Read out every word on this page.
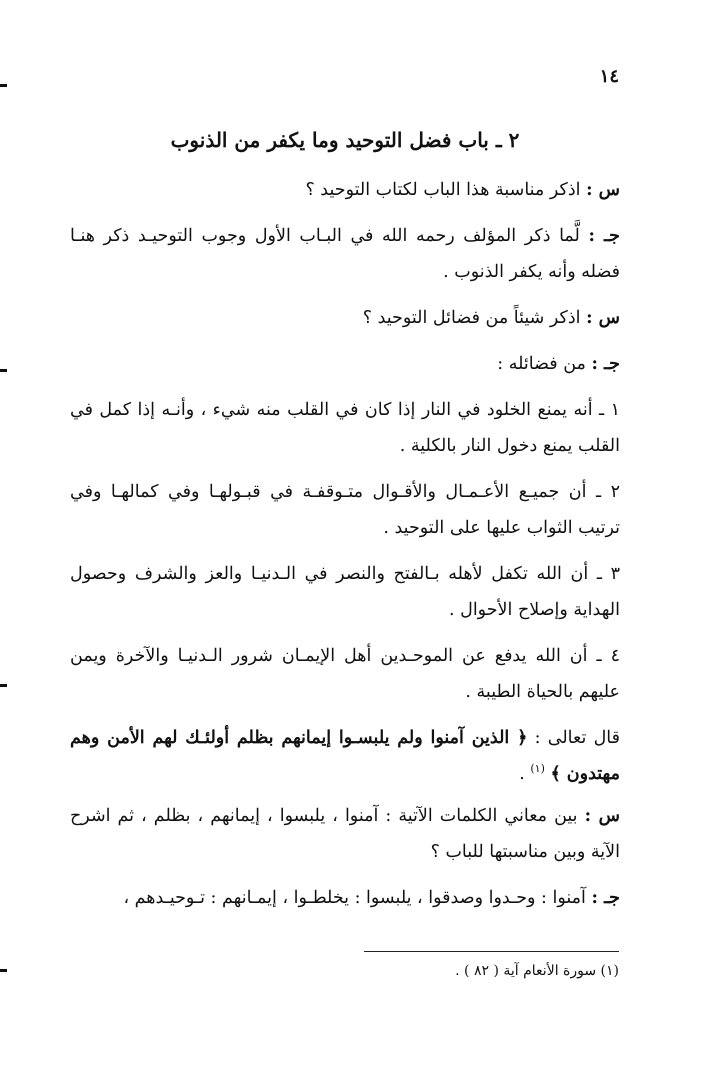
١٤
٢ ـ باب فضل التوحيد وما يكفر من الذنوب

س : اذكر مناسبة هذا الباب لكتاب التوحيد ؟

جـ : لَّما ذكر المؤلف رحمه الله في البـاب الأول وجوب التوحيـد ذكر هنـا فضله وأنه يكفر الذنوب .

س : اذكر شيئاً من فضائل التوحيد ؟

جـ : من فضائله :

١ ـ أنه يمنع الخلود في النار إذا كان في القلب منه شيء ، وأنـه إذا كمل في القلب يمنع دخول النار بالكلية .

٢ ـ أن جميـع الأعـمـال والأقـوال متـوقفـة في قبـولهـا وفي كمالهـا وفي ترتيب الثواب عليها على التوحيد .

٣ ـ أن الله تكفل لأهله بـالفتح والنصر في الـدنيـا والعز والشرف وحصول الهداية وإصلاح الأحوال .

٤ ـ أن الله يدفع عن الموحـدين أهل الإيمـان شرور الـدنيـا والآخرة ويمن عليهم بالحياة الطيبة .

قال تعالى : ﴿ الذين آمنوا ولم يلبسـوا إيمانهم بظلم أولئـك لهم الأمن وهم مهتدون ﴾ $^{(١)}$ .

س : بين معاني الكلمات الآتية : آمنوا ، يلبسوا ، إيمانهم ، بظلم ، ثم اشرح الآية وبين مناسبتها للباب ؟

جـ : آمنوا : وحـدوا وصدقوا ، يلبسوا : يخلطـوا ، إيمـانهم : تـوحيـدهم ،

(١) سورة الأنعام آية ( ٨٢ ) .
